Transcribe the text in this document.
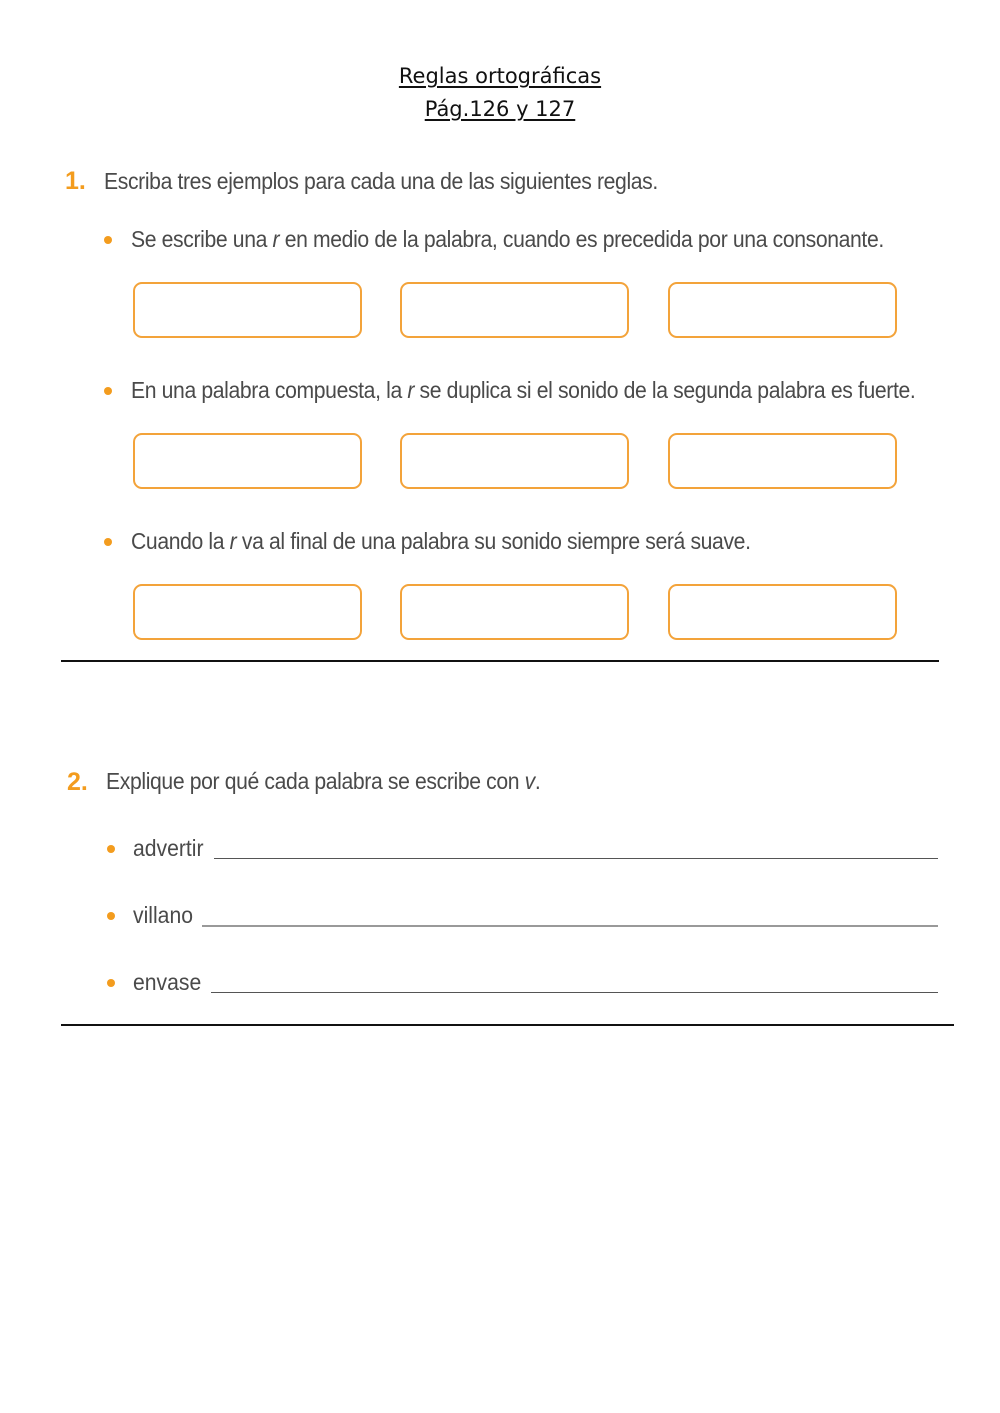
Reglas ortográficas
Pág.126 y 127
1. Escriba tres ejemplos para cada una de las siguientes reglas.
Se escribe una r en medio de la palabra, cuando es precedida por una consonante.
En una palabra compuesta, la r se duplica si el sonido de la segunda palabra es fuerte.
Cuando la r va al final de una palabra su sonido siempre será suave.
2. Explique por qué cada palabra se escribe con v.
advertir
villano
envase
